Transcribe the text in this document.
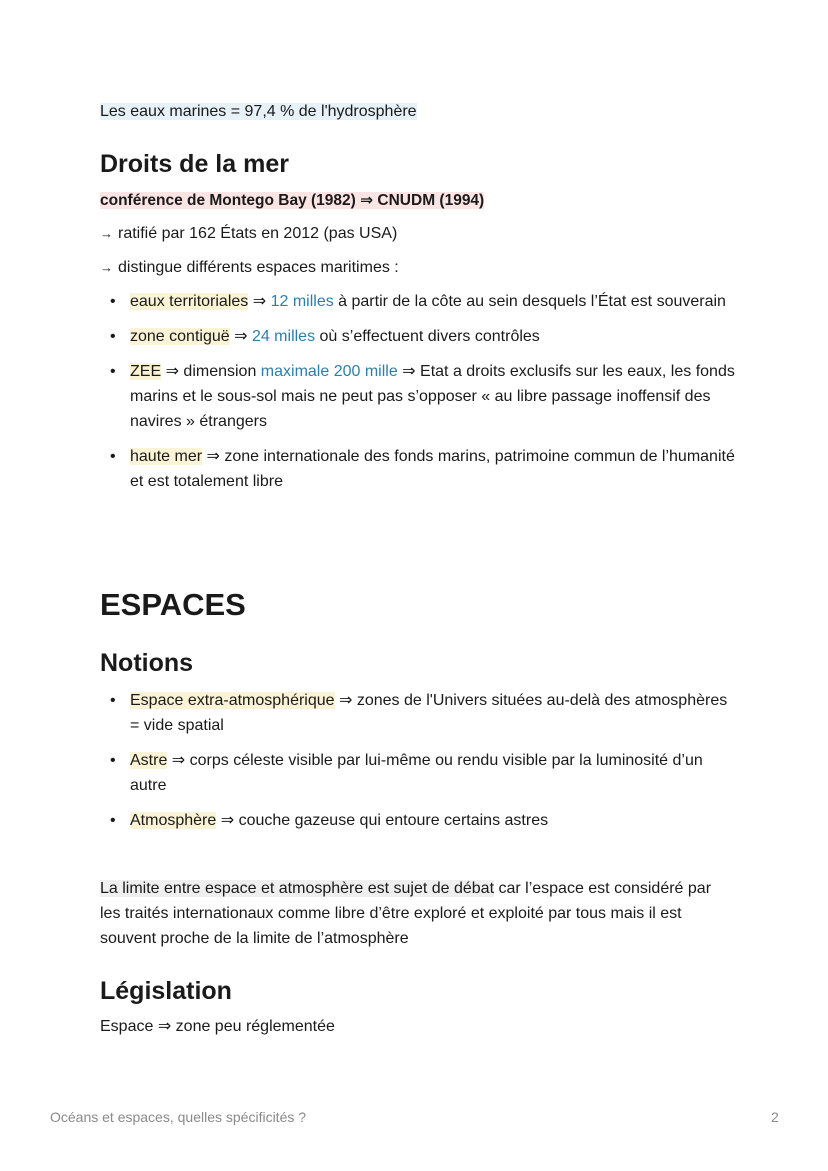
Les eaux marines = 97,4 % de l'hydrosphère

Droits de la mer

conférence de Montego Bay (1982) ⇒ CNUDM (1994)

→ ratifié par 162 États en 2012 (pas USA)

→ distingue différents espaces maritimes :

• eaux territoriales ⇒ 12 milles à partir de la côte au sein desquels l’État est souverain
• zone contiguë ⇒ 24 milles où s’effectuent divers contrôles
• ZEE ⇒ dimension maximale 200 mille ⇒ Etat a droits exclusifs sur les eaux, les fonds marins et le sous-sol mais ne peut pas s’opposer « au libre passage inoffensif des navires » étrangers
• haute mer ⇒ zone internationale des fonds marins, patrimoine commun de l’humanité et est totalement libre
ESPACES
Notions
• Espace extra-atmosphérique ⇒ zones de l'Univers situées au-delà des atmosphères = vide spatial
• Astre ⇒ corps céleste visible par lui-même ou rendu visible par la luminosité d’un autre
• Atmosphère ⇒ couche gazeuse qui entoure certains astres

La limite entre espace et atmosphère est sujet de débat car l’espace est considéré par les traités internationaux comme libre d’être exploré et exploité par tous mais il est souvent proche de la limite de l’atmosphère

Législation

Espace ⇒ zone peu réglementée

Océans et espaces, quelles spécificités ?	2
